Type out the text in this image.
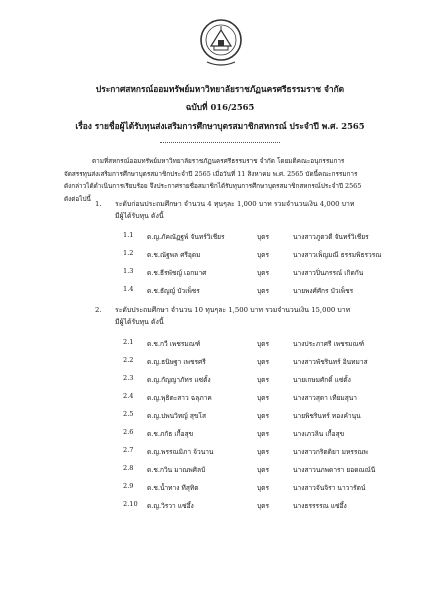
ประกาศสหกรณ์ออมทรัพย์มหาวิทยาลัยราชภัฏนครศรีธรรมราช จำกัด
ฉบับที่ 016/2565
เรื่อง รายชื่อผู้ได้รับทุนส่งเสริมการศึกษาบุตรสมาชิกสหกรณ์ ประจำปี พ.ศ. 2565

ตามที่สหกรณ์ออมทรัพย์มหาวิทยาลัยราชภัฏนครศรีธรรมราช จำกัด โดยมติคณะอนุกรรมการ

จัดสรรทุนส่งเสริมการศึกษาบุตรสมาชิกประจำปี 2565 เมื่อวันที่ 11 สิงหาคม พ.ศ. 2565 บัดนี้คณะกรรมการ

ดังกล่าวได้ดำเนินการเรียบร้อย จึงประกาศรายชื่อสมาชิกได้รับทุนการศึกษาบุตรสมาชิกสหกรณ์ประจำปี 2565

ดังต่อไปนี้

1. ระดับก่อนประถมศึกษา จำนวน 4 ทุนๆละ 1,000 บาท รวมจำนวนเงิน 4,000 บาท
มีผู้ได้รับทุน ดังนี้
1.1 ด.ญ.ภัคณัฏฐพ์ จันทร์วิเชียร	บุตร	นางสาวภูตวดี จันทร์วิเชียร
1.2 ด.ช.ณัฐพล ศรีอุดม	บุตร	นางสาวเพ็ญมณี ธรรมพิธรวรณ
1.3 ด.ช.ธีรพัชญ์ เอกมาศ	บุตร	นางสาวปิ่นภรรณ์ เกิดกัน
1.4 ด.ช.ธัญญ์ บัวเพ็ชร	บุตร	นายพงศ์ศักร บัวเพ็ชร
2. ระดับประถมศึกษา จำนวน 10 ทุนๆละ 1,500 บาท รวมจำนวนเงิน 15,000 บาท
มีผู้ได้รับทุน ดังนี้
2.1 ด.ช.กวี เพชรมณฑ์	บุตร	นางประภาศรี เพชรมณฑ์
2.2 ด.ญ.ธนิษฐา เพชรศรี	บุตร	นางสาวพัชรินทร์ อินทมาส
2.3 ด.ญ.กัญญาภัทร แซ่ตั้ง	บุตร	นายเกษมศักดิ์ แซ่ตั้ง
2.4 ด.ญ.พุธิตะสาว ฉลุภาค	บุตร	นางสาวสุดา เทียมสุนา
2.5 ด.ญ.ปพนวิทญ์ สุขโส	บุตร	นายพิชรินทร์ ทองคำนุน
2.6 ด.ช.ภกัธ เกื้อสุข	บุตร	นางเภวลิน เกื้อสุข
2.7 ด.ญ.พรรณมิภา จ้วนาน	บุตร	นางสาวกริตติยา มหรรณพ
2.8 ด.ช.กวิน มาณพศิลป์	บุตร	นางสาวนภพดารา ยอดณณ์นี
2.9 ด.ช.น้ำทาง ทีสุทิต	บุตร	นางสาวจันจิรา นาวารัตน์
2.10 ด.ญ.วิรวา แซ่อึ้ง	บุตร	นางธรรรรณ แซ่อึ้ง
